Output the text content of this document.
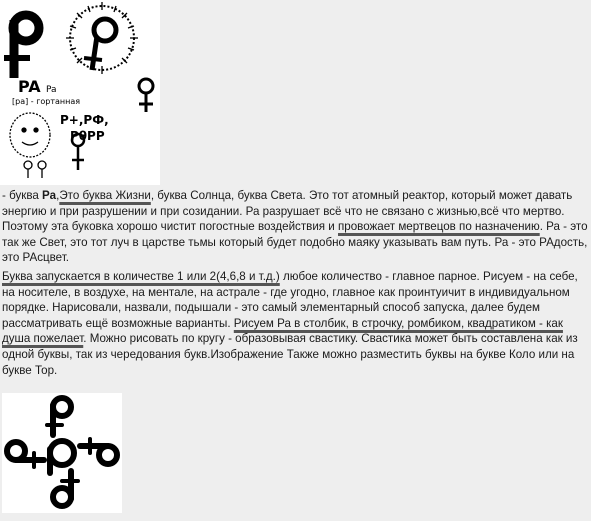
PA Pa
[pa] - гортанная
P+,PФ,
PθPP

- буква Ра,Это буква Жизни, буква Солнца, буква Света. Это тот атомный реактор, который может давать энергию и при разрушении и при созидании. Ра разрушает всё что не связано с жизнью,всё что мертво. Поэтому эта буковка хорошо чистит погостные воздействия и провожает мертвецов по назначению. Ра - это так же Свет, это тот луч в царстве тьмы который будет подобно маяку указывать вам путь. Ра - это РАдость, это РАсцвет.

Буква запускается в количестве 1 или 2(4,6,8 и т.д.) любое количество - главное парное. Рисуем - на себе, на носителе, в воздухе, на ментале, на астрале - где угодно, главное как проинтуичит в индивидуальном порядке. Нарисовали, назвали, подышали - это самый элементарный способ запуска, далее будем рассматривать ещё возможные варианты. Рисуем Ра в столбик, в строчку, ромбиком, квадратиком - как душа пожелает. Можно рисовать по кругу - образовывая свастику. Свастика может быть составлена как из одной буквы, так из чередования букв.Изображение Также можно разместить буквы на букве Коло или на букве Тор.
